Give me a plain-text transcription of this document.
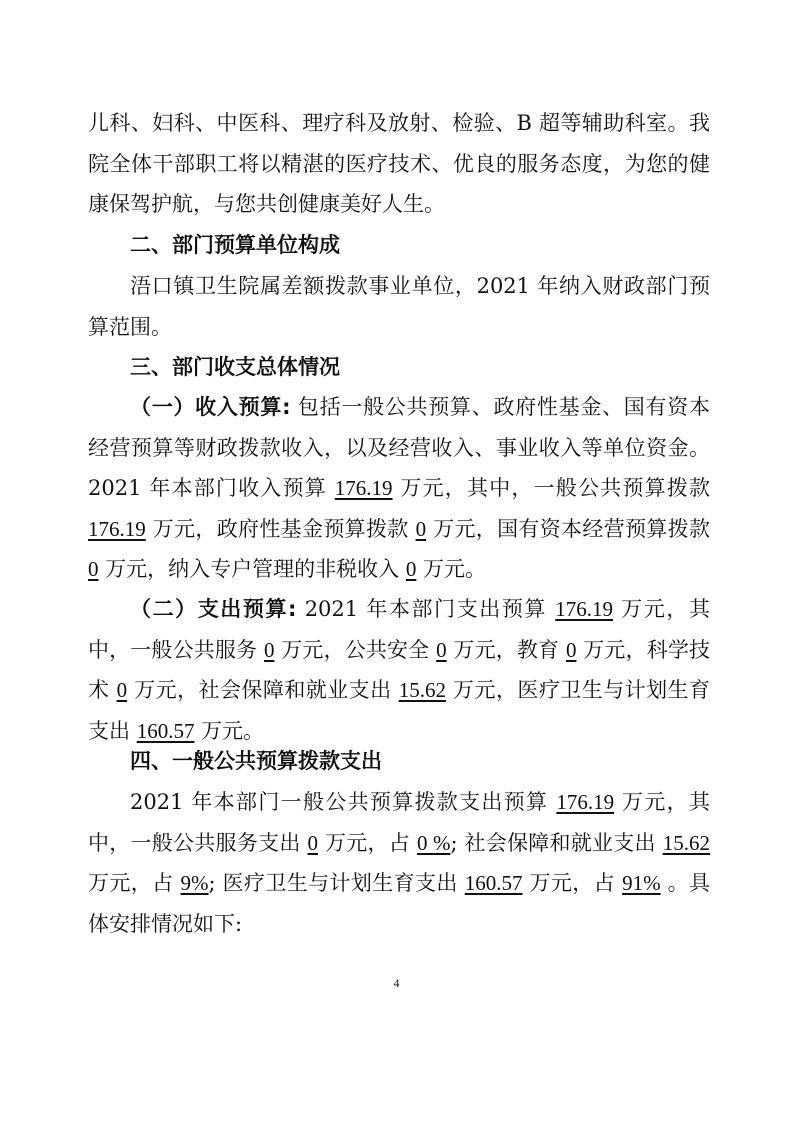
儿科、妇科、中医科、理疗科及放射、检验、B 超等辅助科室。我院全体干部职工将以精湛的医疗技术、优良的服务态度，为您的健康保驾护航，与您共创健康美好人生。

二、部门预算单位构成

浯口镇卫生院属差额拨款事业单位，2021 年纳入财政部门预算范围。

三、部门收支总体情况

（一）收入预算: 包括一般公共预算、政府性基金、国有资本经营预算等财政拨款收入，以及经营收入、事业收入等单位资金。2021 年本部门收入预算 176.19 万元，其中，一般公共预算拨款 176.19 万元，政府性基金预算拨款 0 万元，国有资本经营预算拨款 0 万元，纳入专户管理的非税收入 0 万元。

（二）支出预算: 2021 年本部门支出预算 176.19 万元，其中，一般公共服务 0 万元，公共安全 0 万元，教育 0 万元，科学技术 0 万元，社会保障和就业支出 15.62 万元，医疗卫生与计划生育支出 160.57 万元。

四、一般公共预算拨款支出

2021 年本部门一般公共预算拨款支出预算 176.19 万元，其中，一般公共服务支出 0 万元，占 0 %; 社会保障和就业支出 15.62 万元，占 9%; 医疗卫生与计划生育支出 160.57 万元，占 91% 。具体安排情况如下:

4
